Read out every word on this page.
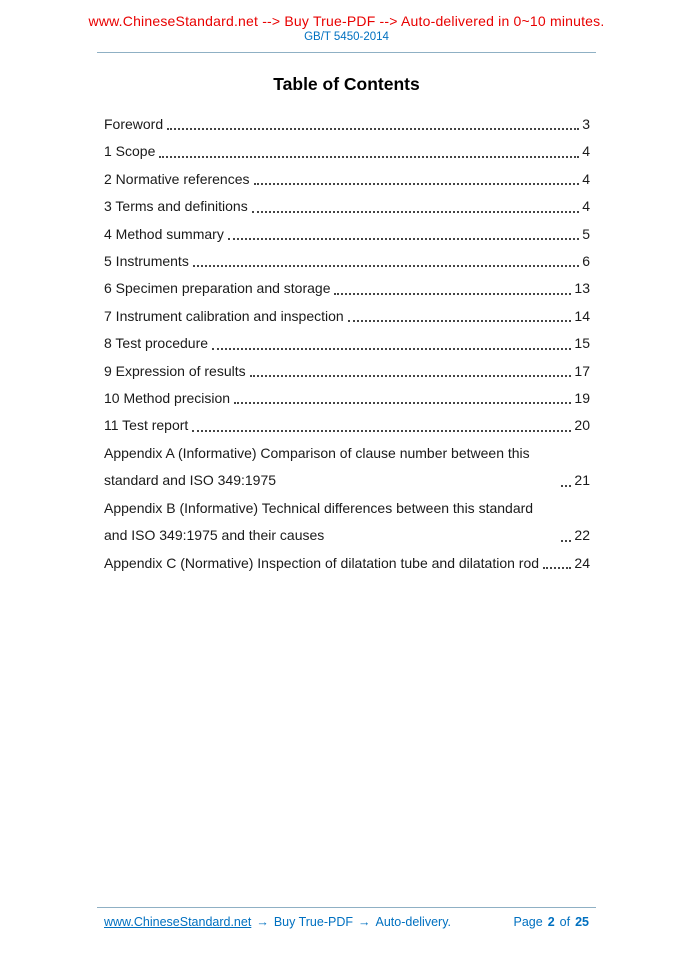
www.ChineseStandard.net --> Buy True-PDF --> Auto-delivered in 0~10 minutes.
GB/T 5450-2014
Table of Contents
Foreword	3
1 Scope	4
2 Normative references	4
3 Terms and definitions	4
4 Method summary	5
5 Instruments	6
6 Specimen preparation and storage	13
7 Instrument calibration and inspection	14
8 Test procedure	15
9 Expression of results	17
10 Method precision	19
11 Test report	20
Appendix A (Informative) Comparison of clause number between this standard and ISO 349:1975	21
Appendix B (Informative) Technical differences between this standard and ISO 349:1975 and their causes	22
Appendix C (Normative) Inspection of dilatation tube and dilatation rod	24
www.ChineseStandard.net → Buy True-PDF → Auto-delivery.	Page 2 of 25
